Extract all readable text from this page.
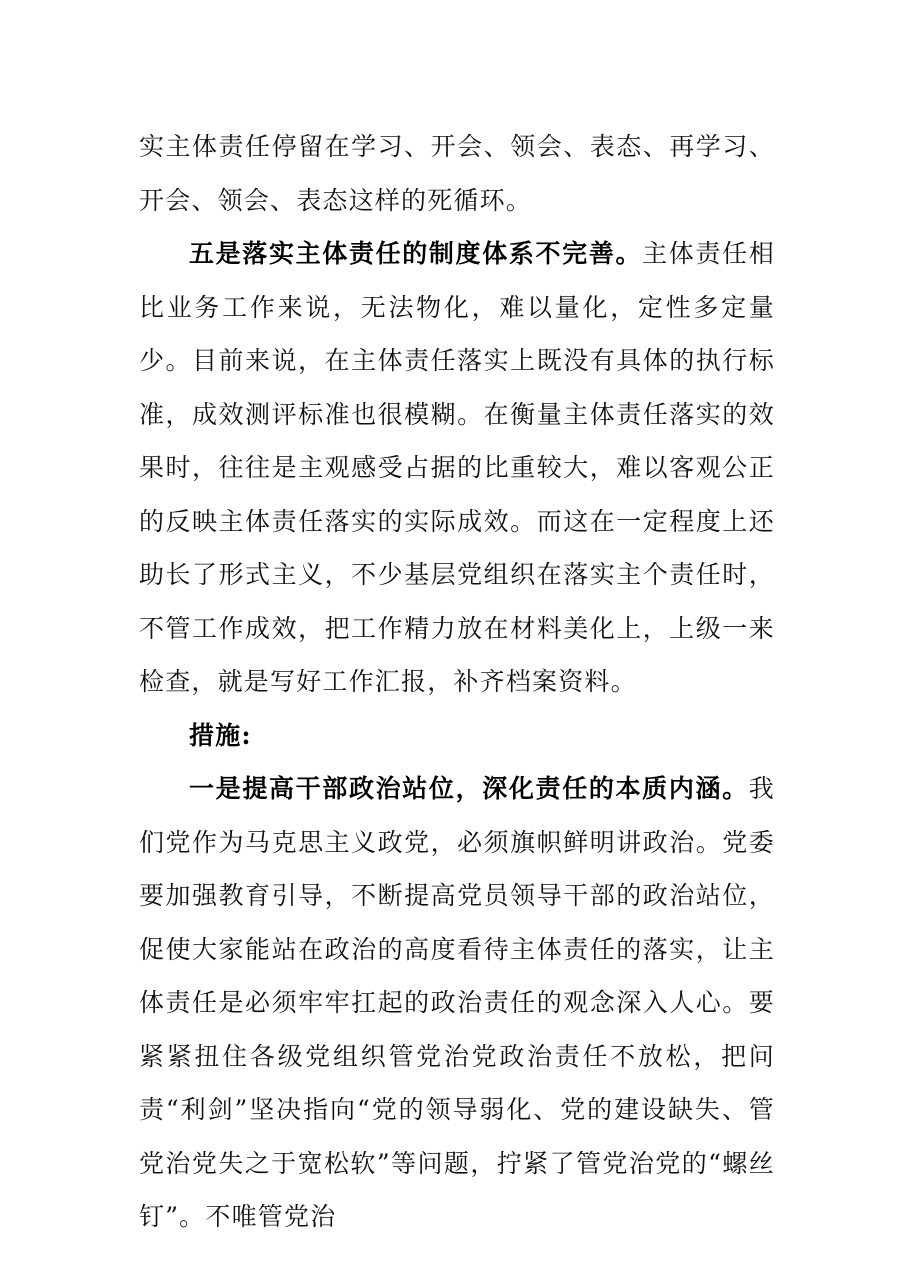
实主体责任停留在学习、开会、领会、表态、再学习、开会、领会、表态这样的死循环。

五是落实主体责任的制度体系不完善。主体责任相比业务工作来说，无法物化，难以量化，定性多定量少。目前来说，在主体责任落实上既没有具体的执行标准，成效测评标准也很模糊。在衡量主体责任落实的效果时，往往是主观感受占据的比重较大，难以客观公正的反映主体责任落实的实际成效。而这在一定程度上还助长了形式主义，不少基层党组织在落实主个责任时，不管工作成效，把工作精力放在材料美化上，上级一来检查，就是写好工作汇报，补齐档案资料。

措施:

一是提高干部政治站位，深化责任的本质内涵。我们党作为马克思主义政党，必须旗帜鲜明讲政治。党委要加强教育引导，不断提高党员领导干部的政治站位，促使大家能站在政治的高度看待主体责任的落实，让主体责任是必须牢牢扛起的政治责任的观念深入人心。要紧紧扭住各级党组织管党治党政治责任不放松，把问责“利剑”坚决指向“党的领导弱化、党的建设缺失、管党治党失之于宽松软”等问题，拧紧了管党治党的“螺丝钉”。不唯管党治
